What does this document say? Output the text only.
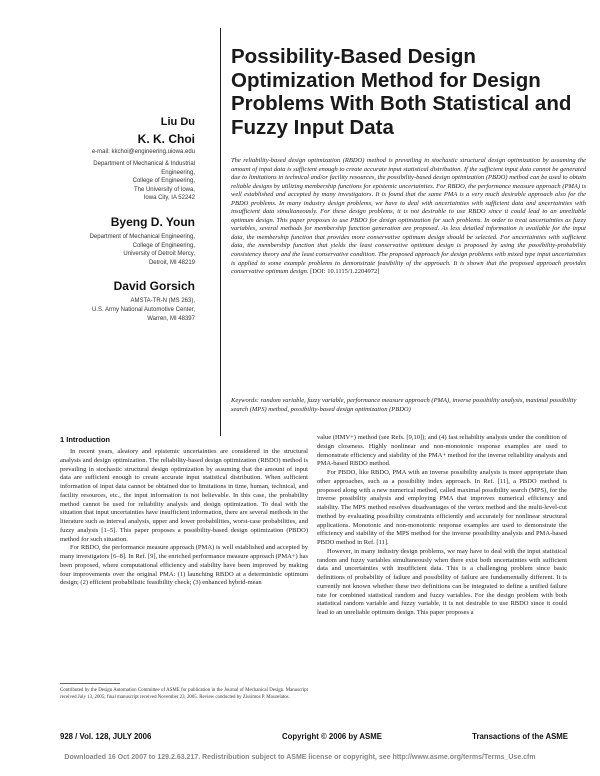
Possibility-Based Design Optimization Method for Design Problems With Both Statistical and Fuzzy Input Data
Liu Du
K. K. Choi
e-mail: kkchoi@engineering.uiowa.edu
Department of Mechanical & Industrial
Engineering,
College of Engineering,
The University of Iowa,
Iowa City, IA 52242
Byeng D. Youn
Department of Mechanical Engineering,
College of Engineering,
University of Detroit Mercy,
Detroit, MI 48219
David Gorsich
AMSTA-TR-N (MS 263),
U.S. Army National Automotive Center,
Warren, MI 48397
The reliability-based design optimization (RBDO) method is prevailing in stochastic structural design optimization by assuming the amount of input data is sufficient enough to create accurate input statistical distribution. If the sufficient input data cannot be generated due to limitations in technical and/or facility resources, the possibility-based design optimization (PBDO) method can be used to obtain reliable designs by utilizing membership functions for epistemic uncertainties. For RBDO, the performance measure approach (PMA) is well established and accepted by many investigators. It is found that the same PMA is a very much desirable approach also for the PBDO problems. In many industry design problems, we have to deal with uncertainties with sufficient data and uncertainties with insufficient data simultaneously. For these design problems, it is not desirable to use RBDO since it could lead to an unreliable optimum design. This paper proposes to use PBDO for design optimization for such problems. In order to treat uncertainties as fuzzy variables, several methods for membership function generation are proposed. As less detailed information is available for the input data, the membership function that provides more conservative optimum design should be selected. For uncertainties with sufficient data, the membership function that yields the least conservative optimum design is proposed by using the possibility-probability consistency theory and the least conservative condition. The proposed approach for design problems with mixed type input uncertainties is applied to some example problems to demonstrate feasibility of the approach. It is shown that the proposed approach provides conservative optimum design. [DOI: 10.1115/1.2204972]
Keywords: random variable, fuzzy variable, performance measure approach (PMA), inverse possibility analysis, maximal possibility search (MPS) method, possibility-based design optimization (PBDO)
1 Introduction

In recent years, aleatory and epistemic uncertainties are considered in the structural analysis and design optimization. The reliability-based design optimization (RBDO) method is prevailing in stochastic structural design optimization by assuming that the amount of input data are sufficient enough to create accurate input statistical distribution. When sufficient information of input data cannot be obtained due to limitations in time, human, technical, and facility resources, etc., the input information is not believable. In this case, the probability method cannot be used for reliability analysis and design optimization. To deal with the situation that input uncertainties have insufficient information, there are several methods in the literature such as interval analysis, upper and lower probabilities, worst-case probabilities, and fuzzy analysis [1–5]. This paper proposes a possibility-based design optimization (PBDO) method for such situation.

For RBDO, the performance measure approach (PMA) is well established and accepted by many investigators [6–8]. In Ref. [9], the enriched performance measure approach (PMA+) has been proposed, where computational efficiency and stability have been improved by making four improvements over the original PMA: (1) launching RBDO at a deterministic optimum design; (2) efficient probabilistic feasibility check; (3) enhanced hybrid-mean

value (HMV+) method (see Refs. [9,10]); and (4) fast reliability analysis under the condition of design closeness. Highly nonlinear and non-monotonic response examples are used to demonstrate efficiency and stability of the PMA+ method for the inverse reliability analysis and PMA-based RBDO method.

For PBDO, like RBDO, PMA with an inverse possibility analysis is more appropriate than other approaches, such as a possibility index approach. In Ref. [11], a PBDO method is proposed along with a new numerical method, called maximal possibility search (MPS), for the inverse possibility analysis and employing PMA that improves numerical efficiency and stability. The MPS method resolves disadvantages of the vertex method and the multi-level-cut method by evaluating possibility constraints efficiently and accurately for nonlinear structural applications. Monotonic and non-monotonic response examples are used to demonstrate the efficiency and stability of the MPS method for the inverse possibility analysis and PMA-based PBDO method in Ref. [11].

However, in many industry design problems, we may have to deal with the input statistical random and fuzzy variables simultaneously when there exist both uncertainties with sufficient data and uncertainties with insufficient data. This is a challenging problem since basic definitions of probability of failure and possibility of failure are fundamentally different. It is currently not known whether these two definitions can be integrated to define a unified failure rate for combined statistical random and fuzzy variables. For the design problem with both statistical random variable and fuzzy variable, it is not desirable to use RBDO since it could lead to an unreliable optimum design. This paper proposes a

Contributed by the Design Automation Committee of ASME for publication in the Journal of Mechanical Design. Manuscript received July 13, 2005; final manuscript received November 23, 2005. Review conducted by Zissimos P. Mourelatos.
928 / Vol. 128, JULY 2006	Copyright © 2006 by ASME	Transactions of the ASME
Downloaded 16 Oct 2007 to 129.2.63.217. Redistribution subject to ASME license or copyright, see http://www.asme.org/terms/Terms_Use.cfm
